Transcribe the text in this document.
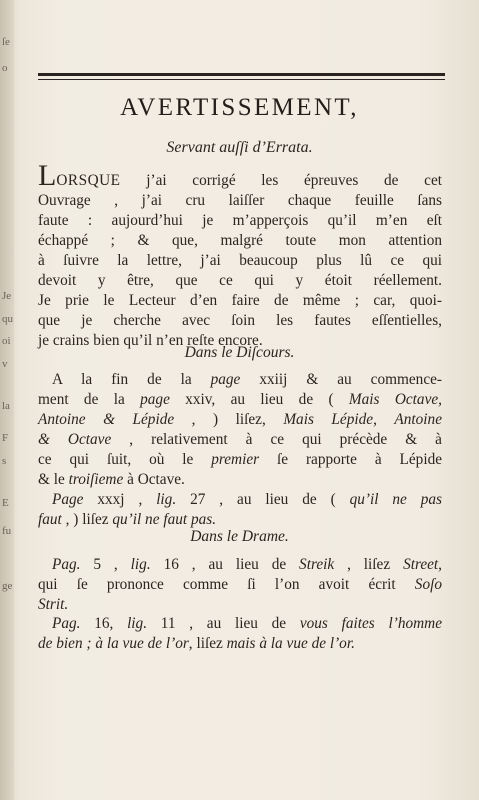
ſe
o
Je
qu
oi
v
la
F
s
E
fu
ge
AVERTISSEMENT,
Servant auſſi d’Errata.
LORSQUE j’ai corrigé les épreuves de cet
Ouvrage , j’ai cru laiſſer chaque feuille ſans
faute : aujourd’hui je m’apperçois qu’il m’en eſt
échappé ; & que, malgré toute mon attention
à ſuivre la lettre, j’ai beaucoup plus lû ce qui
devoit y être, que ce qui y étoit réellement.
Je prie le Lecteur d’en faire de même ; car, quoi-
que je cherche avec ſoin les fautes eſſentielles,
je crains bien qu’il n’en reſte encore.
Dans le Diſcours.
A la fin de la page xxiij & au commence-
ment de la page xxiv, au lieu de ( Mais Octave,
Antoine & Lépide , ) liſez, Mais Lépide, Antoine
& Octave , relativement à ce qui précède & à
ce qui ſuit, où le premier ſe rapporte à Lépide
& le troiſieme à Octave.
Page xxxj , lig. 27 , au lieu de ( qu’il ne pas
faut , ) liſez qu’il ne faut pas.
Dans le Drame.
Pag. 5 , lig. 16 , au lieu de Streik , liſez Street,
qui ſe prononce comme ſi l’on avoit écrit Soſo
Strit.
Pag. 16, lig. 11 , au lieu de vous faites l’homme
de bien ; à la vue de l’or, liſez mais à la vue de l’or.
